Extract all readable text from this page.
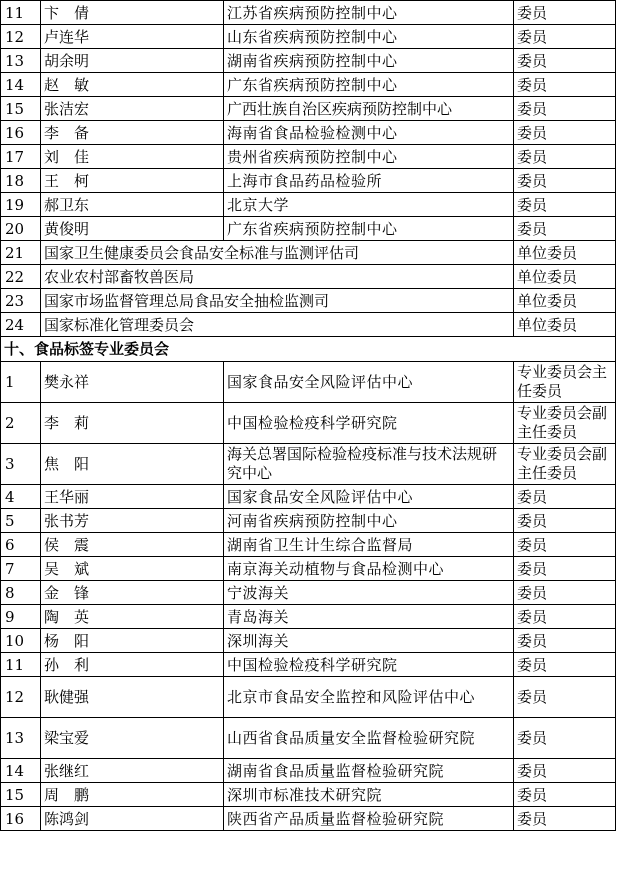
11	卞　倩	江苏省疾病预防控制中心	委员
12	卢连华	山东省疾病预防控制中心	委员
13	胡余明	湖南省疾病预防控制中心	委员
14	赵　敏	广东省疾病预防控制中心	委员
15	张洁宏	广西壮族自治区疾病预防控制中心	委员
16	李　备	海南省食品检验检测中心	委员
17	刘　佳	贵州省疾病预防控制中心	委员
18	王　柯	上海市食品药品检验所	委员
19	郝卫东	北京大学	委员
20	黄俊明	广东省疾病预防控制中心	委员
21	国家卫生健康委员会食品安全标准与监测评估司		单位委员
22	农业农村部畜牧兽医局		单位委员
23	国家市场监督管理总局食品安全抽检监测司		单位委员
24	国家标准化管理委员会		单位委员
十、食品标签专业委员会			
1	樊永祥	国家食品安全风险评估中心	专业委员会主任委员
2	李　莉	中国检验检疫科学研究院	专业委员会副主任委员
3	焦　阳	海关总署国际检验检疫标准与技术法规研究中心	专业委员会副主任委员
4	王华丽	国家食品安全风险评估中心	委员
5	张书芳	河南省疾病预防控制中心	委员
6	侯　震	湖南省卫生计生综合监督局	委员
7	吴　斌	南京海关动植物与食品检测中心	委员
8	金　锋	宁波海关	委员
9	陶　英	青岛海关	委员
10	杨　阳	深圳海关	委员
11	孙　利	中国检验检疫科学研究院	委员
12	耿健强	北京市食品安全监控和风险评估中心	委员
13	梁宝爱	山西省食品质量安全监督检验研究院	委员
14	张继红	湖南省食品质量监督检验研究院	委员
15	周　鹏	深圳市标准技术研究院	委员
16	陈鸿剑	陕西省产品质量监督检验研究院	委员
